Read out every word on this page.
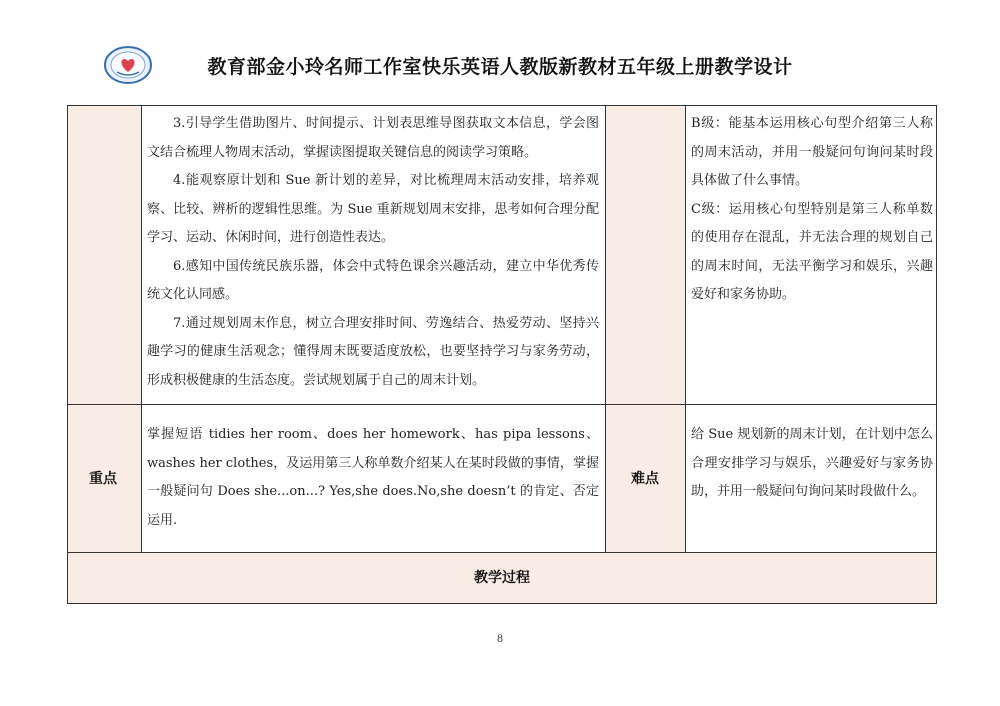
教育部金小玲名师工作室快乐英语人教版新教材五年级上册教学设计

3.引导学生借助图片、时间提示、计划表思维导图获取文本信息，学会图文结合梳理人物周末活动，掌握读图提取关键信息的阅读学习策略。

4.能观察原计划和 Sue 新计划的差异，对比梳理周末活动安排，培养观察、比较、辨析的逻辑性思维。为 Sue 重新规划周末安排，思考如何合理分配学习、运动、休闲时间，进行创造性表达。

6.感知中国传统民族乐器，体会中式特色课余兴趣活动，建立中华优秀传统文化认同感。

7.通过规划周末作息，树立合理安排时间、劳逸结合、热爱劳动、坚持兴趣学习的健康生活观念；懂得周末既要适度放松，也要坚持学习与家务劳动，形成积极健康的生活态度。尝试规划属于自己的周末计划。

B级：能基本运用核心句型介绍第三人称的周末活动，并用一般疑问句询问某时段具体做了什么事情。

C级：运用核心句型特别是第三人称单数的使用存在混乱，并无法合理的规划自己的周末时间，无法平衡学习和娱乐，兴趣爱好和家务协助。

重点

掌握短语 tidies her room、does her homework、has pipa lessons、washes her clothes，及运用第三人称单数介绍某人在某时段做的事情，掌握一般疑问句 Does she...on...? Yes,she does.No,she doesn’t 的肯定、否定运用.

难点

给 Sue 规划新的周末计划，在计划中怎么合理安排学习与娱乐，兴趣爱好与家务协助，并用一般疑问句询问某时段做什么。

教学过程
8
